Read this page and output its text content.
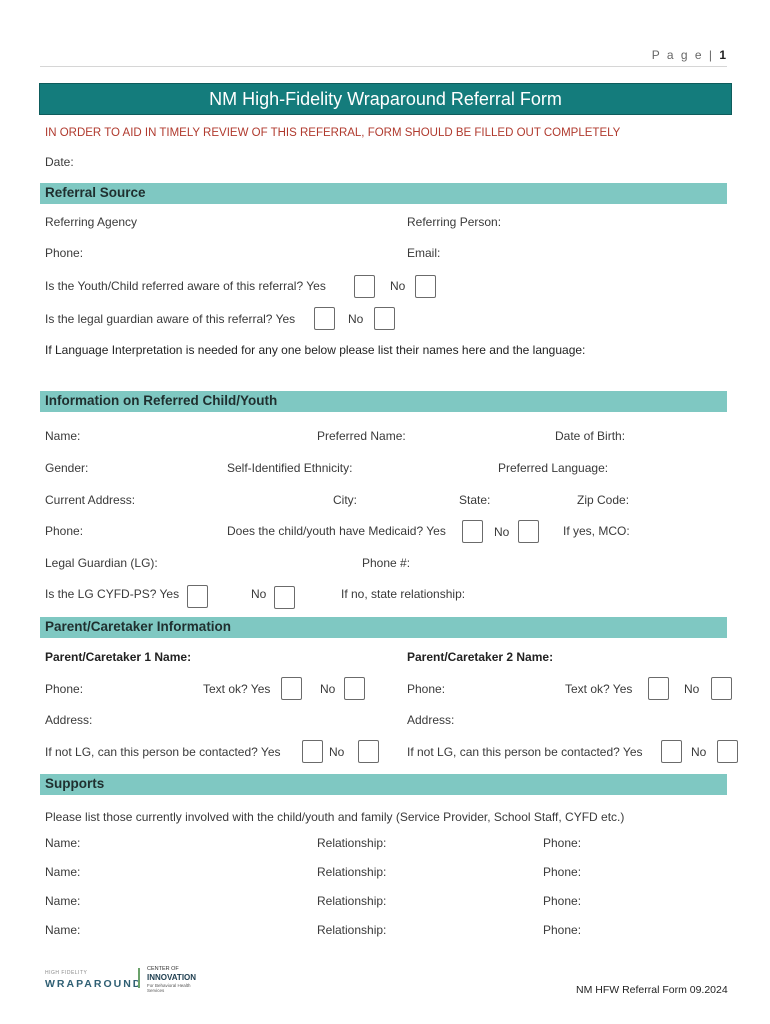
P a g e | 1
NM High-Fidelity Wraparound Referral Form
IN ORDER TO AID IN TIMELY REVIEW OF THIS REFERRAL, FORM SHOULD BE FILLED OUT COMPLETELY
Date:
Referral Source
Referring Agency	Referring Person:
Phone:	Email:
Is the Youth/Child referred aware of this referral? Yes	No
Is the legal guardian aware of this referral? Yes	No
If Language Interpretation is needed for any one below please list their names here and the language:
Information on Referred Child/Youth
Name:	Preferred Name:	Date of Birth:
Gender:	Self-Identified Ethnicity:	Preferred Language:
Current Address:	City:	State:	Zip Code:
Phone:	Does the child/youth have Medicaid? Yes	No	If yes, MCO:
Legal Guardian (LG):	Phone #:
Is the LG CYFD-PS? Yes	No	If no, state relationship:
Parent/Caretaker Information
Parent/Caretaker 1 Name:	Parent/Caretaker 2 Name:
Phone:	Text ok? Yes	No	Phone:	Text ok? Yes	No
Address:	Address:
If not LG, can this person be contacted? Yes	No	If not LG, can this person be contacted? Yes	No
Supports
Please list those currently involved with the child/youth and family (Service Provider, School Staff, CYFD etc.)
Name:	Relationship:	Phone:
Name:	Relationship:	Phone:
Name:	Relationship:	Phone:
Name:	Relationship:	Phone:
HIGH FIDELITY
WRAPAROUND
CENTER OF
INNOVATION
For Behavioral Health Services	NM HFW Referral Form 09.2024
